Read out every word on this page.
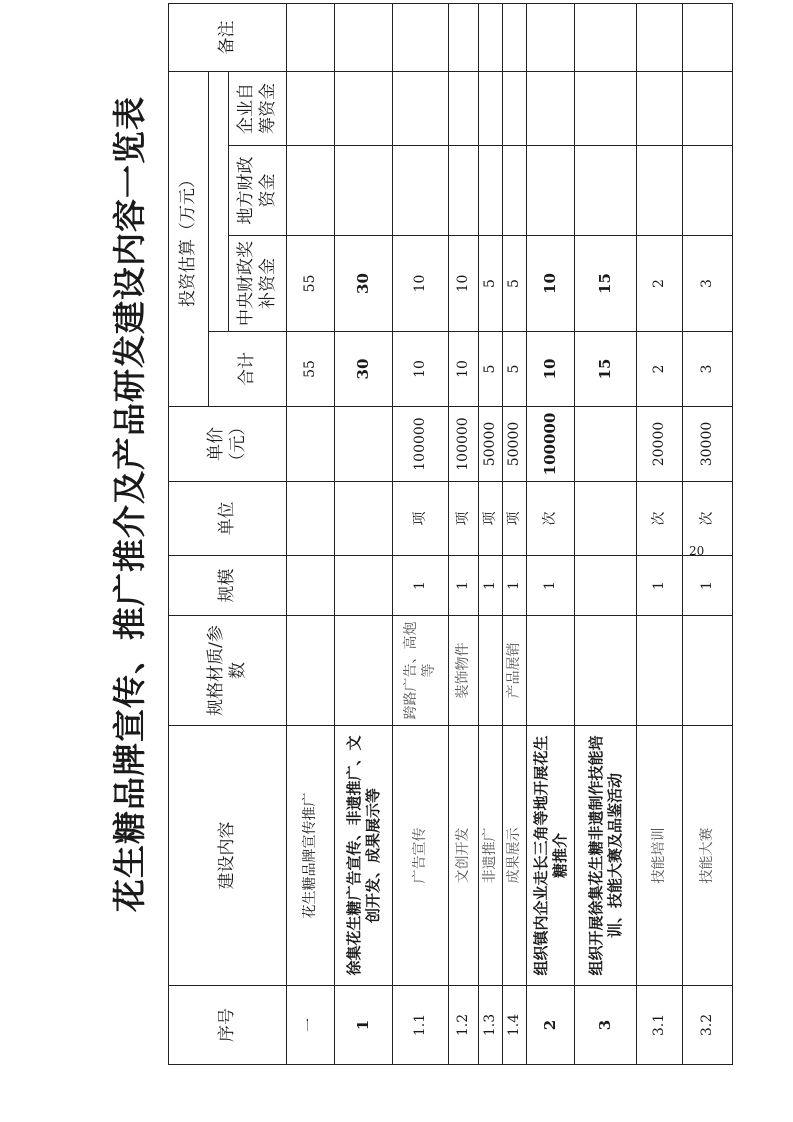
花生糖品牌宣传、推广推介及产品研发建设内容一览表
序号	建设内容	规格材质/参数	规模	单位	单价
（元）	投资估算（万元）				备注
						合计				
							中央财政奖补资金	地方财政资金	企业自筹资金	
一	花生糖品牌宣传推广					55	55			
1	徐集花生糖广告宣传、非遗推广、文创开发、成果展示等					30	30			
1.1	广告宣传	跨路广告、高炮等	1	项	100000	10	10			
1.2	文创开发	装饰物件	1	项	100000	10	10			
1.3	非遗推广		1	项	50000	5	5			
1.4	成果展示	产品展销	1	项	50000	5	5			
2	组织镇内企业走长三角等地开展花生糖推介		1	次	100000	10	10			
3	组织开展徐集花生糖非遗制作技能培训、技能大赛及品鉴活动					15	15			
3.1	技能培训		1	次	20000	2	2			
3.2	技能大赛		1	次	30000	3	3			
20
